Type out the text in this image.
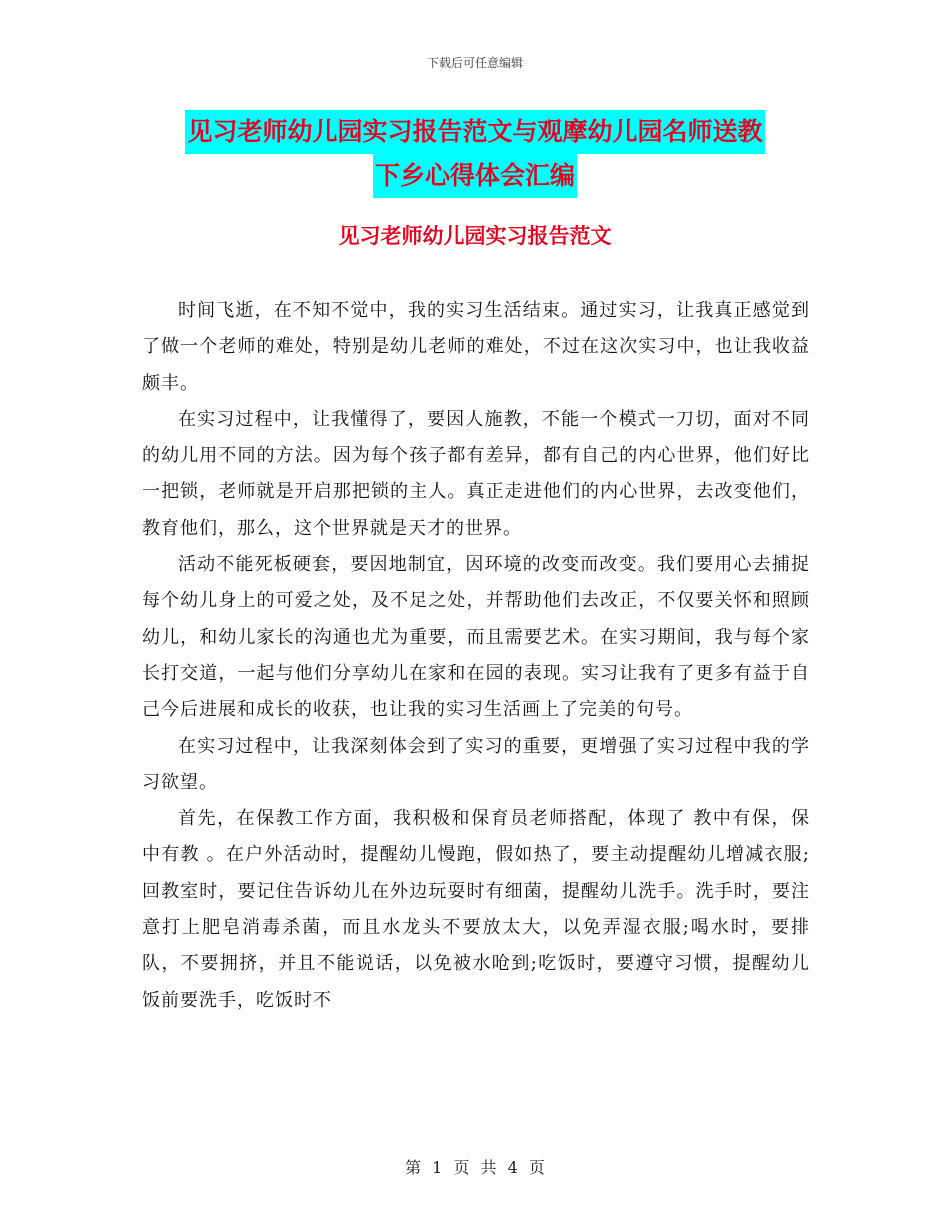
下载后可任意编辑
见习老师幼儿园实习报告范文与观摩幼儿园名师送教
下乡心得体会汇编
见习老师幼儿园实习报告范文

时间飞逝，在不知不觉中，我的实习生活结束。通过实习，让我真正感觉到了做一个老师的难处，特别是幼儿老师的难处，不过在这次实习中，也让我收益颇丰。

在实习过程中，让我懂得了，要因人施教，不能一个模式一刀切，面对不同的幼儿用不同的方法。因为每个孩子都有差异，都有自己的内心世界，他们好比一把锁，老师就是开启那把锁的主人。真正走进他们的内心世界，去改变他们，教育他们，那么，这个世界就是天才的世界。

活动不能死板硬套，要因地制宜，因环境的改变而改变。我们要用心去捕捉每个幼儿身上的可爱之处，及不足之处，并帮助他们去改正，不仅要关怀和照顾幼儿，和幼儿家长的沟通也尤为重要，而且需要艺术。在实习期间，我与每个家长打交道，一起与他们分享幼儿在家和在园的表现。实习让我有了更多有益于自己今后进展和成长的收获，也让我的实习生活画上了完美的句号。

在实习过程中，让我深刻体会到了实习的重要，更增强了实习过程中我的学习欲望。

首先，在保教工作方面，我积极和保育员老师搭配，体现了 教中有保，保中有教 。在户外活动时，提醒幼儿慢跑，假如热了，要主动提醒幼儿增减衣服;回教室时，要记住告诉幼儿在外边玩耍时有细菌，提醒幼儿洗手。洗手时，要注意打上肥皂消毒杀菌，而且水龙头不要放太大，以免弄湿衣服;喝水时，要排队，不要拥挤，并且不能说话，以免被水呛到;吃饭时，要遵守习惯，提醒幼儿饭前要洗手，吃饭时不

第 1 页 共 4 页
